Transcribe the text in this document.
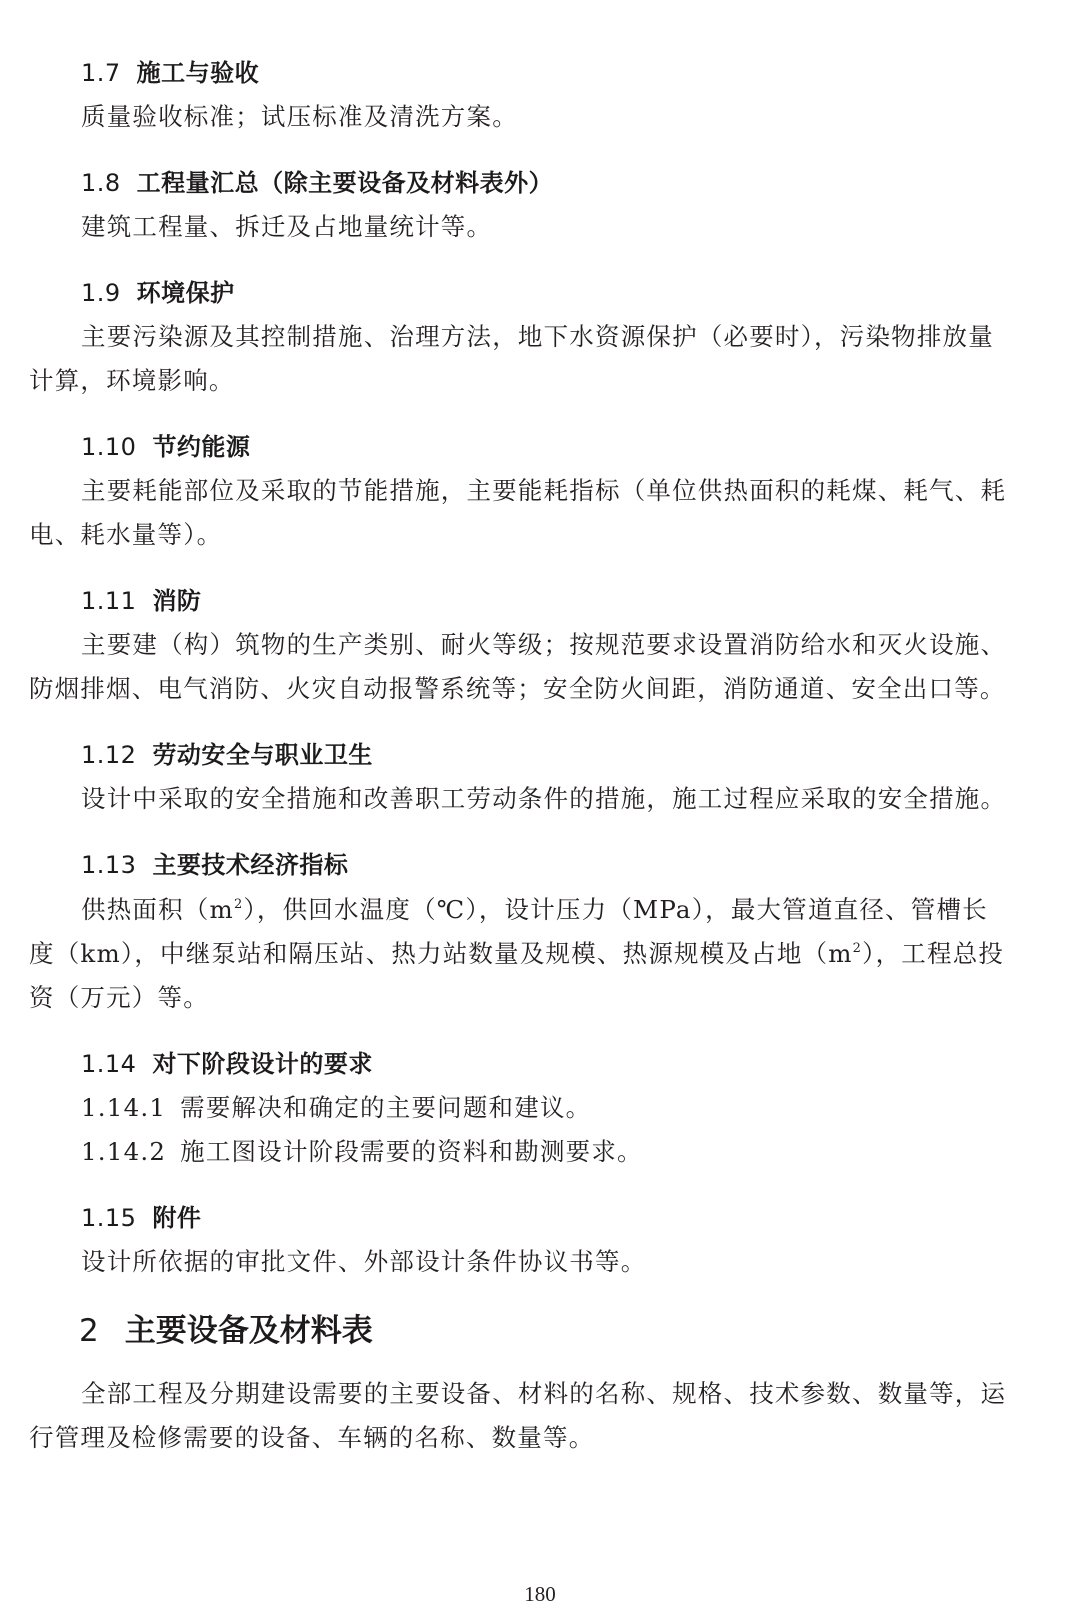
1.7 施工与验收
质量验收标准；试压标准及清洗方案。
1.8 工程量汇总（除主要设备及材料表外）
建筑工程量、拆迁及占地量统计等。
1.9 环境保护
主要污染源及其控制措施、治理方法，地下水资源保护（必要时），污染物排放量
计算，环境影响。
1.10 节约能源
主要耗能部位及采取的节能措施，主要能耗指标（单位供热面积的耗煤、耗气、耗
电、耗水量等）。
1.11 消防
主要建（构）筑物的生产类别、耐火等级；按规范要求设置消防给水和灭火设施、
防烟排烟、电气消防、火灾自动报警系统等；安全防火间距，消防通道、安全出口等。
1.12 劳动安全与职业卫生
设计中采取的安全措施和改善职工劳动条件的措施，施工过程应采取的安全措施。
1.13 主要技术经济指标
供热面积$(m^2)$，供回水温度（℃），设计压力（MPa），最大管道直径、管槽长
度（km），中继泵站和隔压站、热力站数量及规模、热源规模及占地$(m^2)$，工程总投
资（万元）等。
1.14 对下阶段设计的要求
1.14.1 需要解决和确定的主要问题和建议。
1.14.2 施工图设计阶段需要的资料和勘测要求。
1.15 附件
设计所依据的审批文件、外部设计条件协议书等。
2 主要设备及材料表
全部工程及分期建设需要的主要设备、材料的名称、规格、技术参数、数量等，运
行管理及检修需要的设备、车辆的名称、数量等。
180
